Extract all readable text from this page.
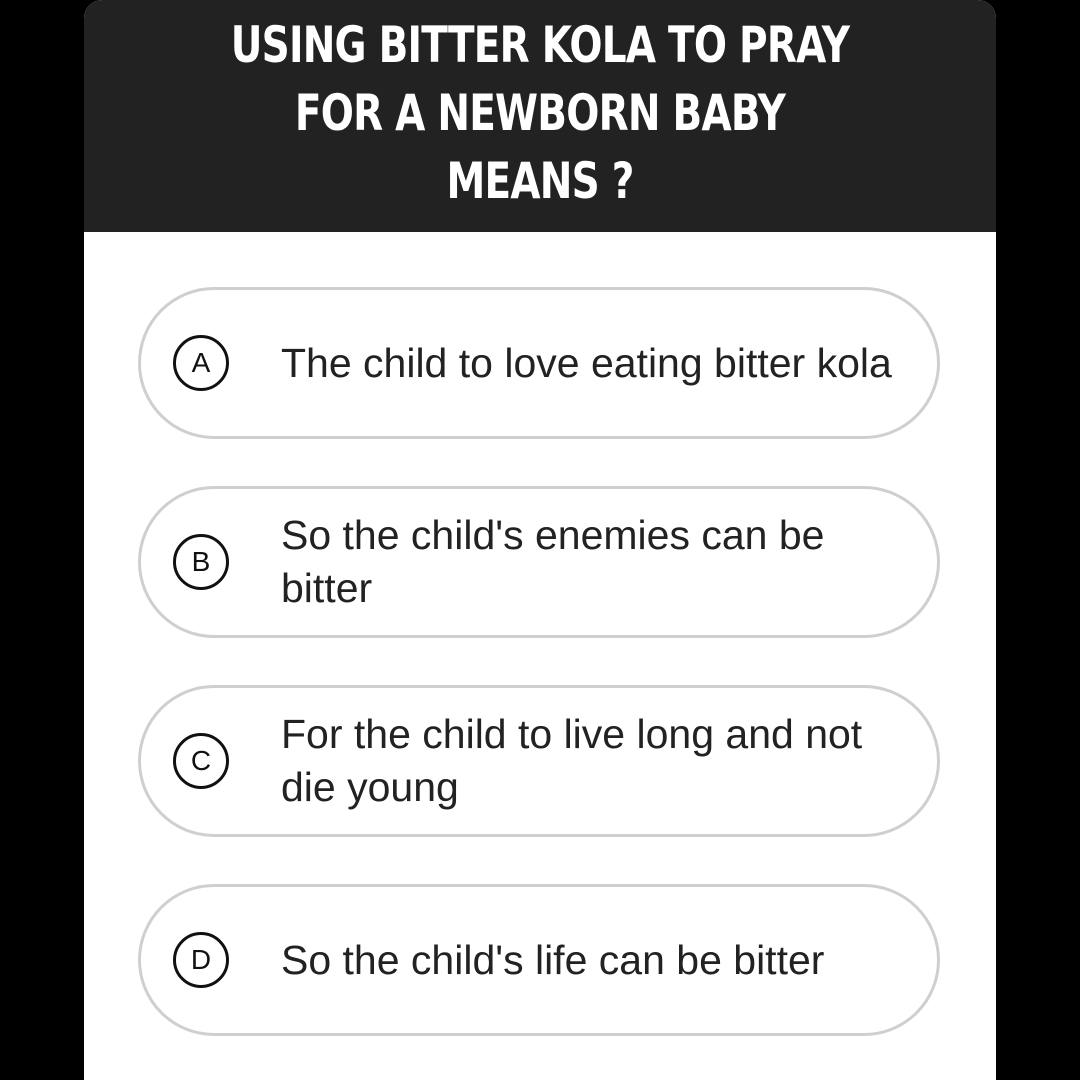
USING BITTER KOLA TO PRAY FOR A NEWBORN BABY MEANS ?
A	The child to love eating bitter kola
B
So the child's enemies can be bitter
C
For the child to live long and not die young
D	So the child's life can be bitter
